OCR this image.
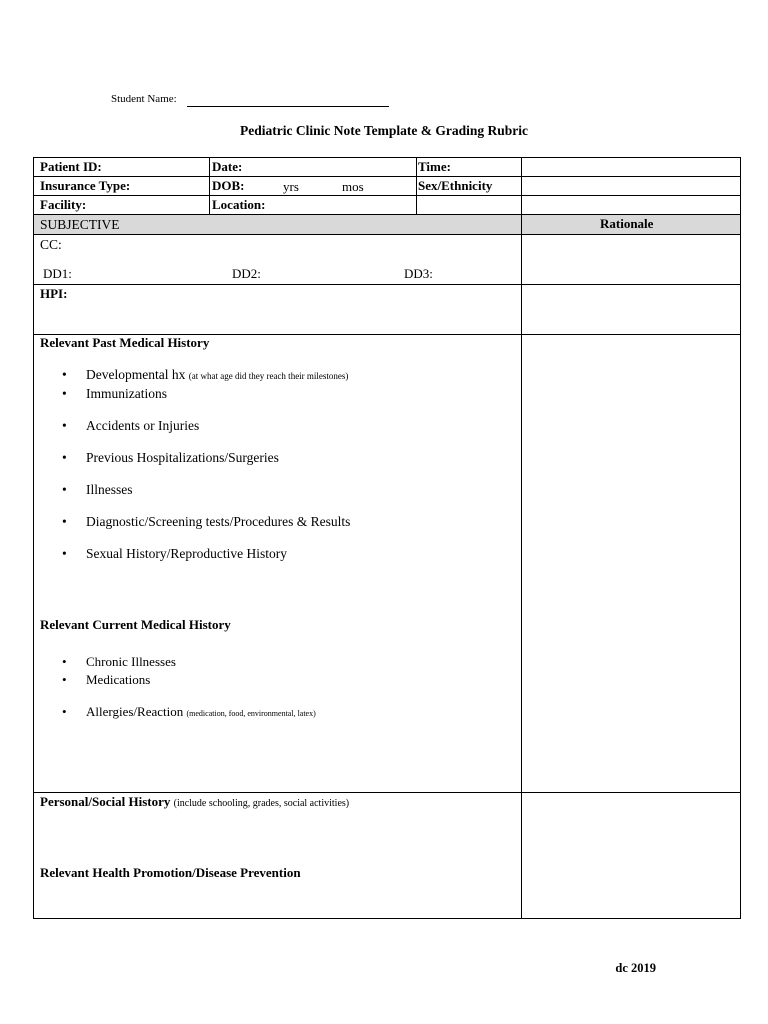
Student Name:
Pediatric Clinic Note Template & Grading Rubric
Patient ID:	Date:	Time:
Insurance Type:	DOB:	yrs	mos	Sex/Ethnicity
Facility:	Location:
SUBJECTIVE	Rationale
CC:
DD1:	DD2:	DD3:
HPI:
Relevant Past Medical History
• Developmental hx (at what age did they reach their milestones)
• Immunizations
• Accidents or Injuries
• Previous Hospitalizations/Surgeries
• Illnesses
• Diagnostic/Screening tests/Procedures & Results
• Sexual History/Reproductive History
Relevant Current Medical History
• Chronic Illnesses
• Medications
• Allergies/Reaction (medication, food, environmental, latex)
Personal/Social History (include schooling, grades, social activities)
Relevant Health Promotion/Disease Prevention
dc 2019
